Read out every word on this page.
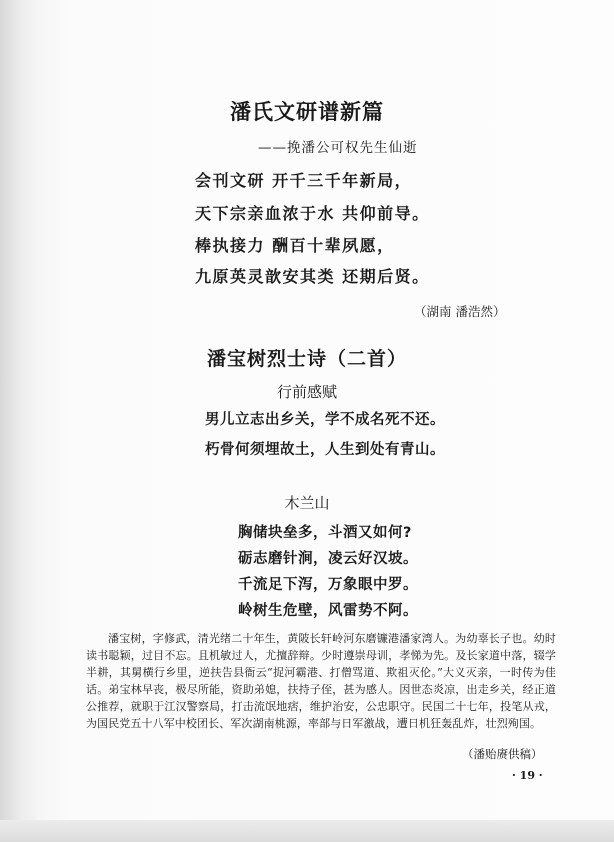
潘氏文研谱新篇
——挽潘公可权先生仙逝
会刊文研 开千三千年新局，
天下宗亲血浓于水 共仰前导。
棒执接力 酬百十辈夙愿，
九原英灵歆安其类 还期后贤。
（湖南 潘浩然）
潘宝树烈士诗（二首）
行前感赋
男儿立志出乡关，学不成名死不还。
朽骨何须埋故土，人生到处有青山。
木兰山
胸储块垒多，斗酒又如何?
砺志磨针涧，凌云好汉坡。
千流足下泻，万象眼中罗。
岭树生危壁，风雷势不阿。
潘宝树，字修武，清光绪二十年生，黄陂长轩岭河东磨镰港潘家湾人。为幼辜长子也。幼时读书聪颖，过目不忘。且机敏过人，尤擅辞辩。少时遵崇母训，孝悌为先。及长家道中落，辍学半耕，其舅横行乡里，逆扶告县衙云“捉河霸港、打僧骂道、欺祖灭伦。”大义灭亲，一时传为佳话。弟宝林早丧，极尽所能，资助弟媳，扶持子侄，甚为感人。因世态炎凉，出走乡关，经正道公推荐，就职于江汉警察局，打击流氓地痞，维护治安，公忠职守。民国二十七年，投笔从戎，为国民党五十八军中校团长、军次湖南桃源，率部与日军激战，遭日机狂轰乱炸，壮烈殉国。
（潘贻赓供稿）
· 19 ·
